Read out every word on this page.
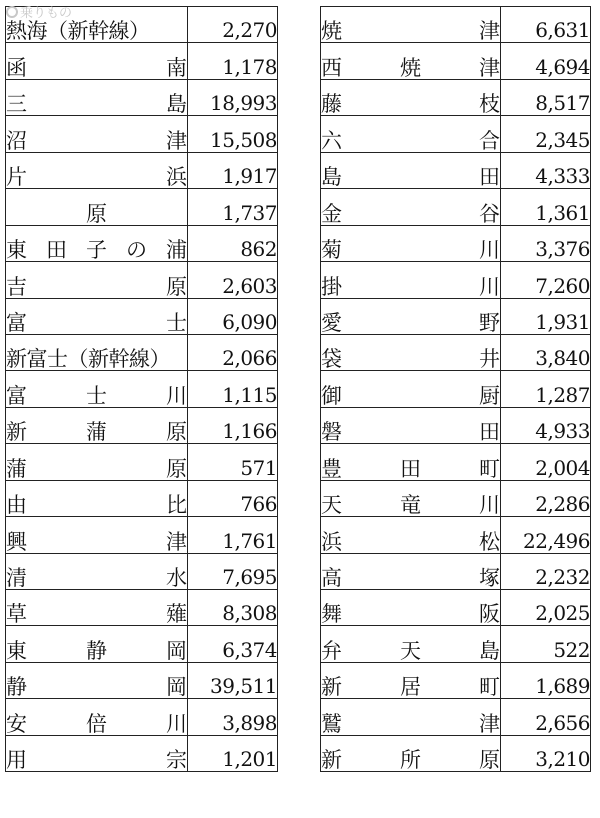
乗りもの
熱海（新幹線）	2,270

函 南	1,178

三 島	18,993

沼 津	15,508

片 浜	1,917

原	1,737

東 田 子 の 浦	862

吉 原	2,603

富 士	6,090

新富士（新幹線）	2,066

富 士 川	1,115

新 蒲 原	1,166

蒲 原	571

由 比	766

興 津	1,761

清 水	7,695

草 薙	8,308

東 静 岡	6,374

静 岡	39,511

安 倍 川	3,898

用 宗	1,201
焼 津	6,631

西 焼 津	4,694

藤 枝	8,517

六 合	2,345

島 田	4,333

金 谷	1,361

菊 川	3,376

掛 川	7,260

愛 野	1,931

袋 井	3,840

御 厨	1,287

磐 田	4,933

豊 田 町	2,004

天 竜 川	2,286

浜 松	22,496

高 塚	2,232

舞 阪	2,025

弁 天 島	522

新 居 町	1,689

鷲 津	2,656

新 所 原	3,210
